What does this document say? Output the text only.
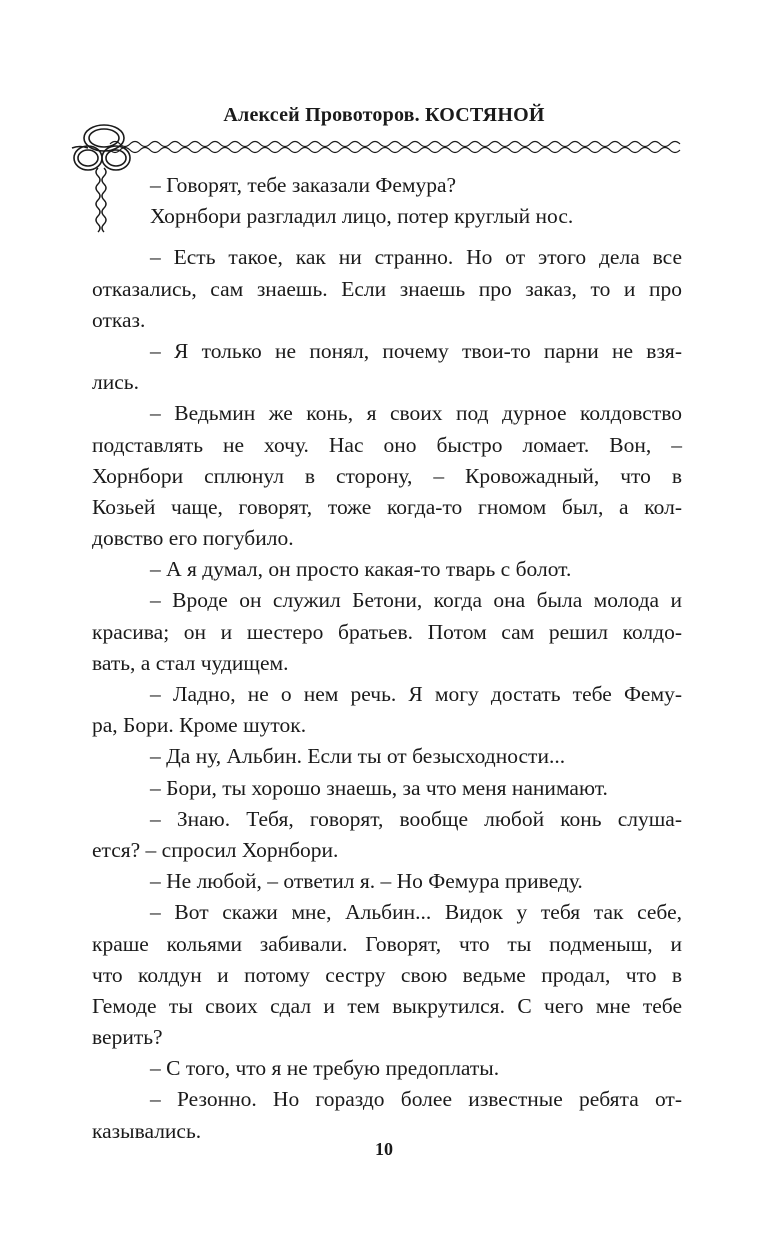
Алексей Провоторов. КОСТЯНОЙ
– Говорят, тебе заказали Фемура?
Хорнбори разгладил лицо, потер круглый нос.
– Есть такое, как ни странно. Но от этого дела все
отказались, сам знаешь. Если знаешь про заказ, то и про
отказ.
– Я только не понял, почему твои-то парни не взя-
лись.
– Ведьмин же конь, я своих под дурное колдовство
подставлять не хочу. Нас оно быстро ломает. Вон, –
Хорнбори сплюнул в сторону, – Кровожадный, что в
Козьей чаще, говорят, тоже когда-то гномом был, а кол-
довство его погубило.
– А я думал, он просто какая-то тварь с болот.
– Вроде он служил Бетони, когда она была молода и
красива; он и шестеро братьев. Потом сам решил колдо-
вать, а стал чудищем.
– Ладно, не о нем речь. Я могу достать тебе Фему-
ра, Бори. Кроме шуток.
– Да ну, Альбин. Если ты от безысходности...
– Бори, ты хорошо знаешь, за что меня нанимают.
– Знаю. Тебя, говорят, вообще любой конь слуша-
ется? – спросил Хорнбори.
– Не любой, – ответил я. – Но Фемура приведу.
– Вот скажи мне, Альбин... Видок у тебя так себе,
краше кольями забивали. Говорят, что ты подменыш, и
что колдун и потому сестру свою ведьме продал, что в
Гемоде ты своих сдал и тем выкрутился. С чего мне тебе
верить?
– С того, что я не требую предоплаты.
– Резонно. Но гораздо более известные ребята от-
казывались.
10
